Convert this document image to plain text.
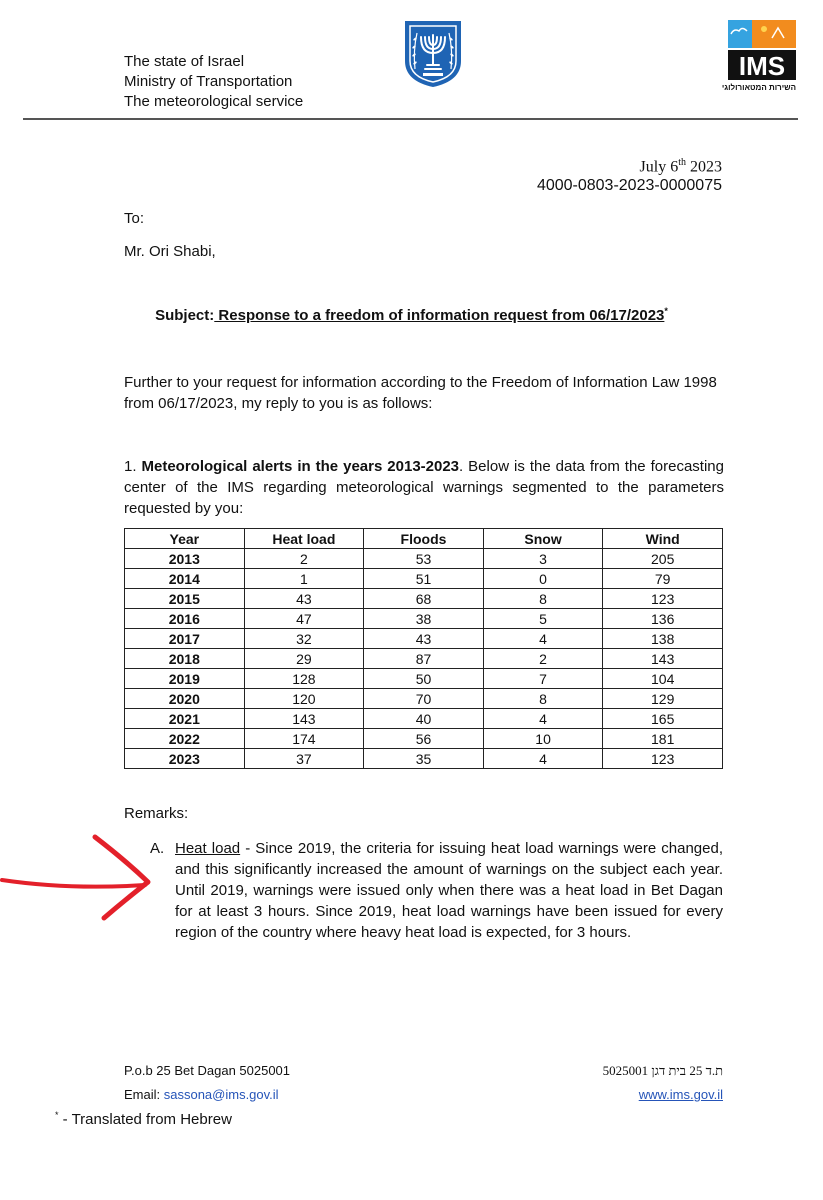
The state of Israel
Ministry of Transportation
The meteorological service
IMS
השירות המטאורולוגי
July 6th 2023
4000-0803-2023-0000075
To:
Mr. Ori Shabi,
Subject: Response to a freedom of information request from 06/17/2023*
Further to your request for information according to the Freedom of Information Law 1998 from 06/17/2023, my reply to you is as follows:
1. Meteorological alerts in the years 2013-2023. Below is the data from the forecasting center of the IMS regarding meteorological warnings segmented to the parameters requested by you:
Year	Heat load	Floods	Snow	Wind
2013	2	53	3	205
2014	1	51	0	79
2015	43	68	8	123
2016	47	38	5	136
2017	32	43	4	138
2018	29	87	2	143
2019	128	50	7	104
2020	120	70	8	129
2021	143	40	4	165
2022	174	56	10	181
2023	37	35	4	123
Remarks:
A. Heat load - Since 2019, the criteria for issuing heat load warnings were changed, and this significantly increased the amount of warnings on the subject each year. Until 2019, warnings were issued only when there was a heat load in Bet Dagan for at least 3 hours. Since 2019, heat load warnings have been issued for every region of the country where heavy heat load is expected, for 3 hours.
P.o.b 25 Bet Dagan 5025001
Email: sassona@ims.gov.il
ת.ד 25 בית דגן 5025001
www.ims.gov.il
* - Translated from Hebrew
